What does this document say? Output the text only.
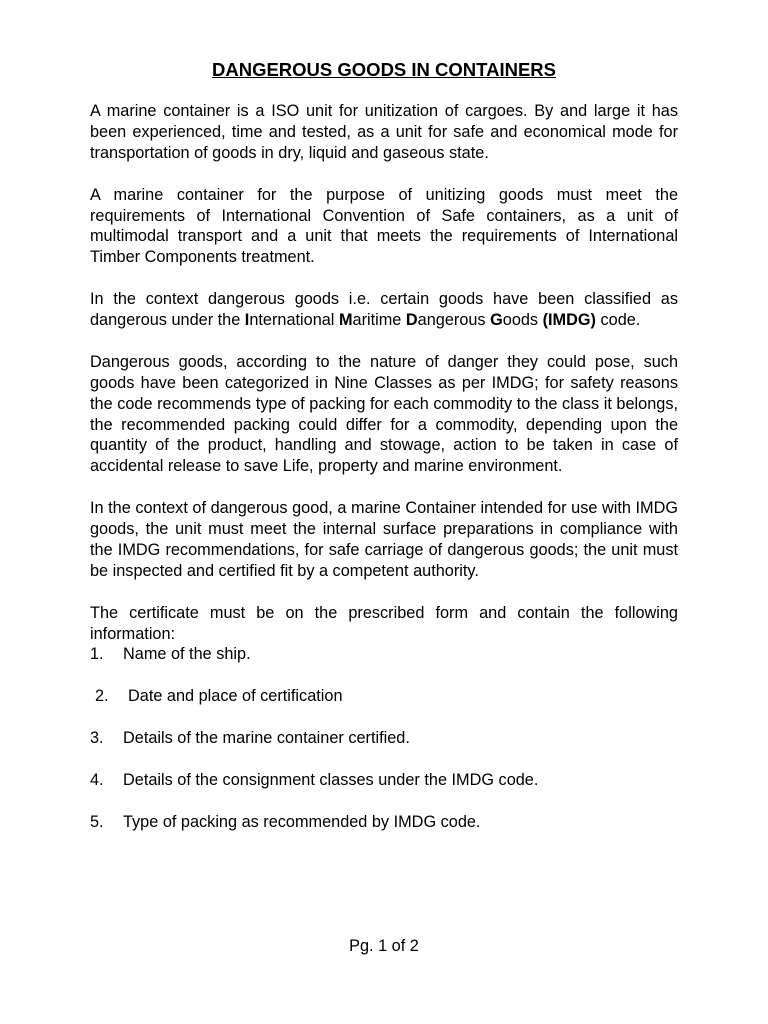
DANGEROUS GOODS IN CONTAINERS

A marine container is a ISO unit for unitization of cargoes. By and large it has been experienced, time and tested, as a unit for safe and economical mode for transportation of goods in dry, liquid and gaseous state.

A marine container for the purpose of unitizing goods must meet the requirements of International Convention of Safe containers, as a unit of multimodal transport and a unit that meets the requirements of International Timber Components treatment.

In the context dangerous goods i.e. certain goods have been classified as dangerous under the International Maritime Dangerous Goods (IMDG) code.

Dangerous goods, according to the nature of danger they could pose, such goods have been categorized in Nine Classes as per IMDG; for safety reasons the code recommends type of packing for each commodity to the class it belongs, the recommended packing could differ for a commodity, depending upon the quantity of the product, handling and stowage, action to be taken in case of accidental release to save Life, property and marine environment.

In the context of dangerous good, a marine Container intended for use with IMDG goods, the unit must meet the internal surface preparations in compliance with the IMDG recommendations, for safe carriage of dangerous goods; the unit must be inspected and certified fit by a competent authority.

The certificate must be on the prescribed form and contain the following information:

1.	Name of the ship.
2.	Date and place of certification
3.	Details of the marine container certified.
4.	Details of the consignment classes under the IMDG code.
5.	Type of packing as recommended by IMDG code.
Pg. 1 of 2
